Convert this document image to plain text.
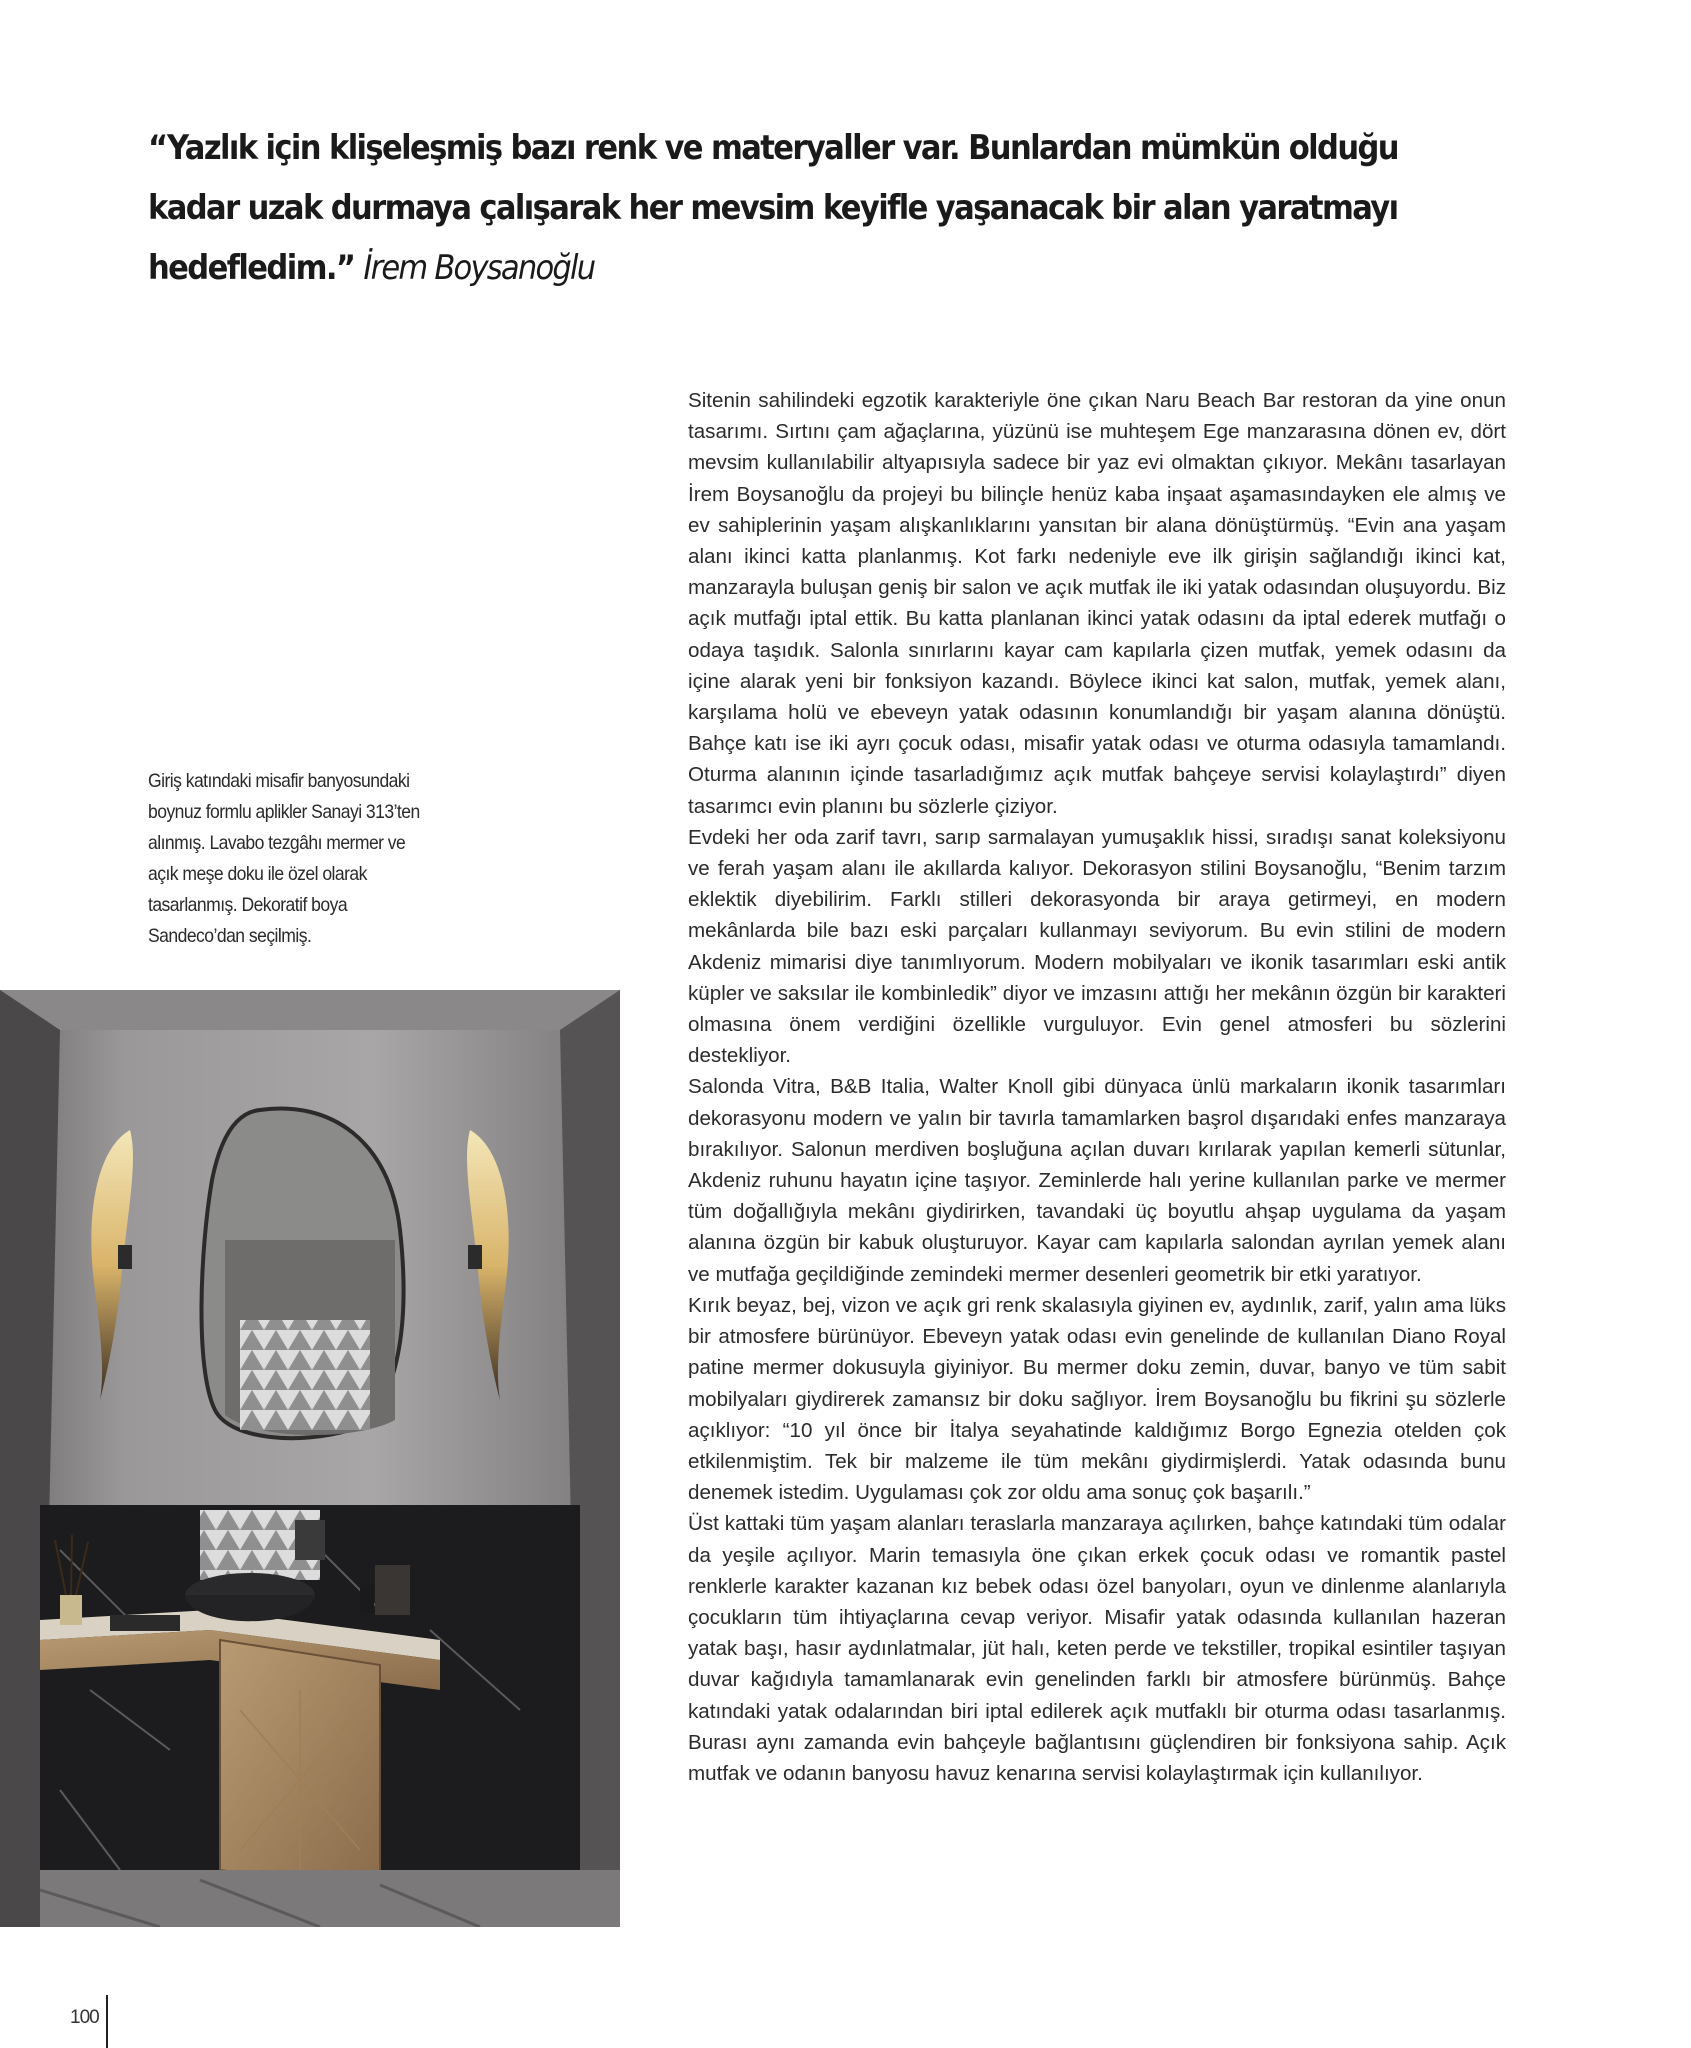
“Yazlık için klişeleşmiş bazı renk ve materyaller var. Bunlardan mümkün olduğu kadar uzak durmaya çalışarak her mevsim keyifle yaşanacak bir alan yaratmayı hedefledim.” İrem Boysanoğlu
Giriş katındaki misafir banyosundaki boynuz formlu aplikler Sanayi 313’ten alınmış. Lavabo tezgâhı mermer ve açık meşe doku ile özel olarak tasarlanmış. Dekoratif boya Sandeco’dan seçilmiş.

Sitenin sahilindeki egzotik karakteriyle öne çıkan Naru Beach Bar restoran da yine onun tasarımı. Sırtını çam ağaçlarına, yüzünü ise muhteşem Ege manzarasına dönen ev, dört mevsim kullanılabilir altyapısıyla sadece bir yaz evi olmaktan çıkıyor. Mekânı tasarlayan İrem Boysanoğlu da projeyi bu bilinçle henüz kaba inşaat aşamasındayken ele almış ve ev sahiplerinin yaşam alışkanlıklarını yansıtan bir alana dönüştürmüş. “Evin ana yaşam alanı ikinci katta planlanmış. Kot farkı nedeniyle eve ilk girişin sağlandığı ikinci kat, manzarayla buluşan geniş bir salon ve açık mutfak ile iki yatak odasından oluşuyordu. Biz açık mutfağı iptal ettik. Bu katta planlanan ikinci yatak odasını da iptal ederek mutfağı o odaya taşıdık. Salonla sınırlarını kayar cam kapılarla çizen mutfak, yemek odasını da içine alarak yeni bir fonksiyon kazandı. Böylece ikinci kat salon, mutfak, yemek alanı, karşılama holü ve ebeveyn yatak odasının konumlandığı bir yaşam alanına dönüştü. Bahçe katı ise iki ayrı çocuk odası, misafir yatak odası ve oturma odasıyla tamamlandı. Oturma alanının içinde tasarladığımız açık mutfak bahçeye servisi kolaylaştırdı” diyen tasarımcı evin planını bu sözlerle çiziyor.

Evdeki her oda zarif tavrı, sarıp sarmalayan yumuşaklık hissi, sıradışı sanat koleksiyonu ve ferah yaşam alanı ile akıllarda kalıyor. Dekorasyon stilini Boysanoğlu, “Benim tarzım eklektik diyebilirim. Farklı stilleri dekorasyonda bir araya getirmeyi, en modern mekânlarda bile bazı eski parçaları kullanmayı seviyorum. Bu evin stilini de modern Akdeniz mimarisi diye tanımlıyorum. Modern mobilyaları ve ikonik tasarımları eski antik küpler ve saksılar ile kombinledik” diyor ve imzasını attığı her mekânın özgün bir karakteri olmasına önem verdiğini özellikle vurguluyor. Evin genel atmosferi bu sözlerini destekliyor.

Salonda Vitra, B&B Italia, Walter Knoll gibi dünyaca ünlü markaların ikonik tasarımları dekorasyonu modern ve yalın bir tavırla tamamlarken başrol dışarıdaki enfes manzaraya bırakılıyor. Salonun merdiven boşluğuna açılan duvarı kırılarak yapılan kemerli sütunlar, Akdeniz ruhunu hayatın içine taşıyor. Zeminlerde halı yerine kullanılan parke ve mermer tüm doğallığıyla mekânı giydirirken, tavandaki üç boyutlu ahşap uygulama da yaşam alanına özgün bir kabuk oluşturuyor. Kayar cam kapılarla salondan ayrılan yemek alanı ve mutfağa geçildiğinde zemindeki mermer desenleri geometrik bir etki yaratıyor.

Kırık beyaz, bej, vizon ve açık gri renk skalasıyla giyinen ev, aydınlık, zarif, yalın ama lüks bir atmosfere bürünüyor. Ebeveyn yatak odası evin genelinde de kullanılan Diano Royal patine mermer dokusuyla giyiniyor. Bu mermer doku zemin, duvar, banyo ve tüm sabit mobilyaları giydirerek zamansız bir doku sağlıyor. İrem Boysanoğlu bu fikrini şu sözlerle açıklıyor: “10 yıl önce bir İtalya seyahatinde kaldığımız Borgo Egnezia otelden çok etkilenmiştim. Tek bir malzeme ile tüm mekânı giydirmişlerdi. Yatak odasında bunu denemek istedim. Uygulaması çok zor oldu ama sonuç çok başarılı.”

Üst kattaki tüm yaşam alanları teraslarla manzaraya açılırken, bahçe katındaki tüm odalar da yeşile açılıyor. Marin temasıyla öne çıkan erkek çocuk odası ve romantik pastel renklerle karakter kazanan kız bebek odası özel banyoları, oyun ve dinlenme alanlarıyla çocukların tüm ihtiyaçlarına cevap veriyor. Misafir yatak odasında kullanılan hazeran yatak başı, hasır aydınlatmalar, jüt halı, keten perde ve tekstiller, tropikal esintiler taşıyan duvar kağıdıyla tamamlanarak evin genelinden farklı bir atmosfere bürünmüş. Bahçe katındaki yatak odalarından biri iptal edilerek açık mutfaklı bir oturma odası tasarlanmış. Burası aynı zamanda evin bahçeyle bağlantısını güçlendiren bir fonksiyona sahip. Açık mutfak ve odanın banyosu havuz kenarına servisi kolaylaştırmak için kullanılıyor.

100
